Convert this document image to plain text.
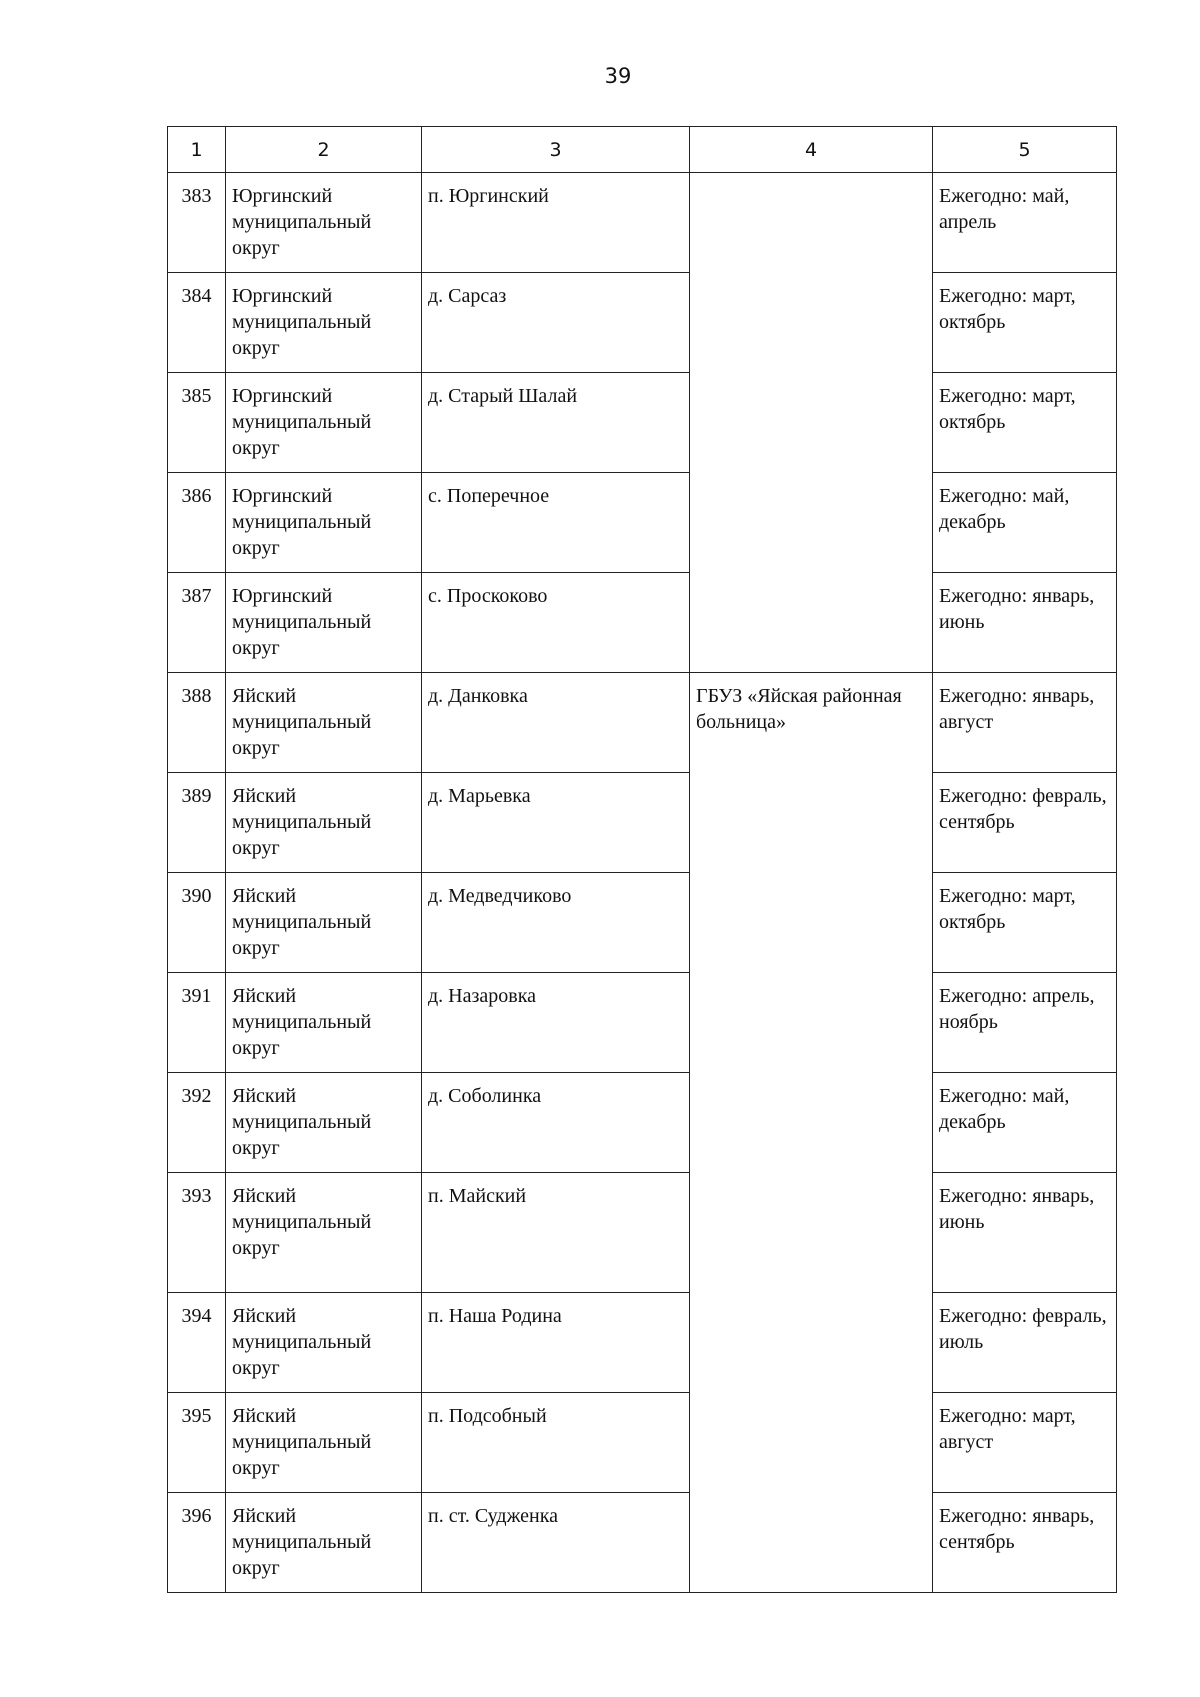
39
1	2	3	4	5
383	Юргинский муниципальный округ	п. Юргинский		Ежегодно: май, апрель
384	Юргинский муниципальный округ	д. Сарсаз		Ежегодно: март, октябрь
385	Юргинский муниципальный округ	д. Старый Шалай		Ежегодно: март, октябрь
386	Юргинский муниципальный округ	с. Поперечное		Ежегодно: май, декабрь
387	Юргинский муниципальный округ	с. Проскоково		Ежегодно: январь, июнь
388	Яйский муниципальный округ	д. Данковка	ГБУЗ «Яйская районная больница»	Ежегодно: январь, август
389	Яйский муниципальный округ	д. Марьевка		Ежегодно: февраль, сентябрь
390	Яйский муниципальный округ	д. Медведчиково		Ежегодно: март, октябрь
391	Яйский муниципальный округ	д. Назаровка		Ежегодно: апрель, ноябрь
392	Яйский муниципальный округ	д. Соболинка		Ежегодно: май, декабрь
393	Яйский муниципальный округ	п. Майский		Ежегодно: январь, июнь
394	Яйский муниципальный округ	п. Наша Родина		Ежегодно: февраль, июль
395	Яйский муниципальный округ	п. Подсобный		Ежегодно: март, август
396	Яйский муниципальный округ	п. ст. Судженка		Ежегодно: январь, сентябрь
